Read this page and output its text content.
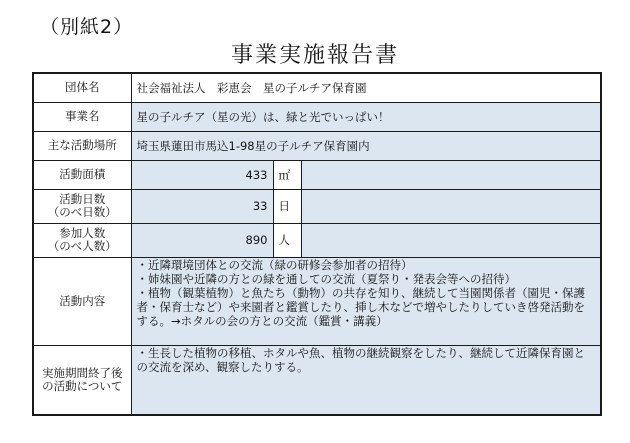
（別紙2）
事業実施報告書
団体名	社会福祉法人　彩恵会　星の子ルチア保育園		
事業名	星の子ルチア（星の光）は、緑と光でいっぱい！		
主な活動場所	埼玉県蓮田市馬込1-98星の子ルチア保育園内		
活動面積	433	㎡	

活動日数
（のべ日数）	33	日	

参加人数
（のべ人数）	890	人	
活動内容	・近隣環境団体との交流（緑の研修会参加者の招待）
・姉妹園や近隣の方との緑を通しての交流（夏祭り・発表会等への招待）
・植物（観葉植物）と魚たち（動物）の共存を知り、継続して当園関係者（園児・保護者・保育士など）や来園者と鑑賞したり、挿し木などで増やしたりしていき啓発活動をする。→ホタルの会の方との交流（鑑賞・講義）		

実施期間終了後の活動について	・生長した植物の移植、ホタルや魚、植物の継続観察をしたり、継続して近隣保育園との交流を深め、観察したりする。		
